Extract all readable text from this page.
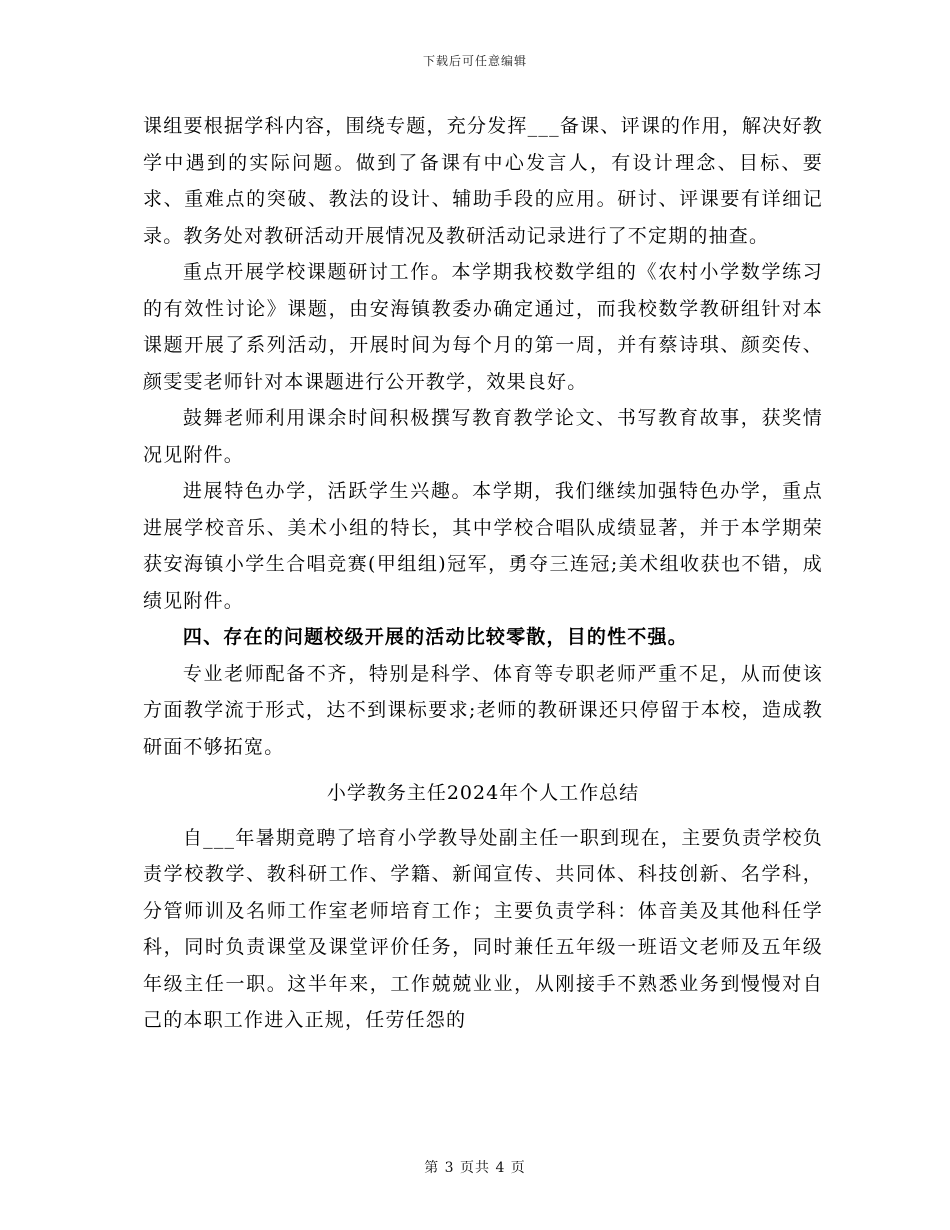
下载后可任意编辑

课组要根据学科内容，围绕专题，充分发挥___备课、评课的作用，解决好教学中遇到的实际问题。做到了备课有中心发言人，有设计理念、目标、要求、重难点的突破、教法的设计、辅助手段的应用。研讨、评课要有详细记录。教务处对教研活动开展情况及教研活动记录进行了不定期的抽查。

重点开展学校课题研讨工作。本学期我校数学组的《农村小学数学练习的有效性讨论》课题，由安海镇教委办确定通过，而我校数学教研组针对本课题开展了系列活动，开展时间为每个月的第一周，并有蔡诗琪、颜奕传、颜雯雯老师针对本课题进行公开教学，效果良好。

鼓舞老师利用课余时间积极撰写教育教学论文、书写教育故事，获奖情况见附件。

进展特色办学，活跃学生兴趣。本学期，我们继续加强特色办学，重点进展学校音乐、美术小组的特长，其中学校合唱队成绩显著，并于本学期荣获安海镇小学生合唱竞赛(甲组组)冠军，勇夺三连冠;美术组收获也不错，成绩见附件。

四、存在的问题校级开展的活动比较零散，目的性不强。

专业老师配备不齐，特别是科学、体育等专职老师严重不足，从而使该方面教学流于形式，达不到课标要求;老师的教研课还只停留于本校，造成教研面不够拓宽。

小学教务主任2024年个人工作总结

自___年暑期竟聘了培育小学教导处副主任一职到现在，主要负责学校负责学校教学、教科研工作、学籍、新闻宣传、共同体、科技创新、名学科，分管师训及名师工作室老师培育工作；主要负责学科：体音美及其他科任学科，同时负责课堂及课堂评价任务，同时兼任五年级一班语文老师及五年级年级主任一职。这半年来，工作兢兢业业，从刚接手不熟悉业务到慢慢对自己的本职工作进入正规，任劳任怨的

第 3 页共 4 页
